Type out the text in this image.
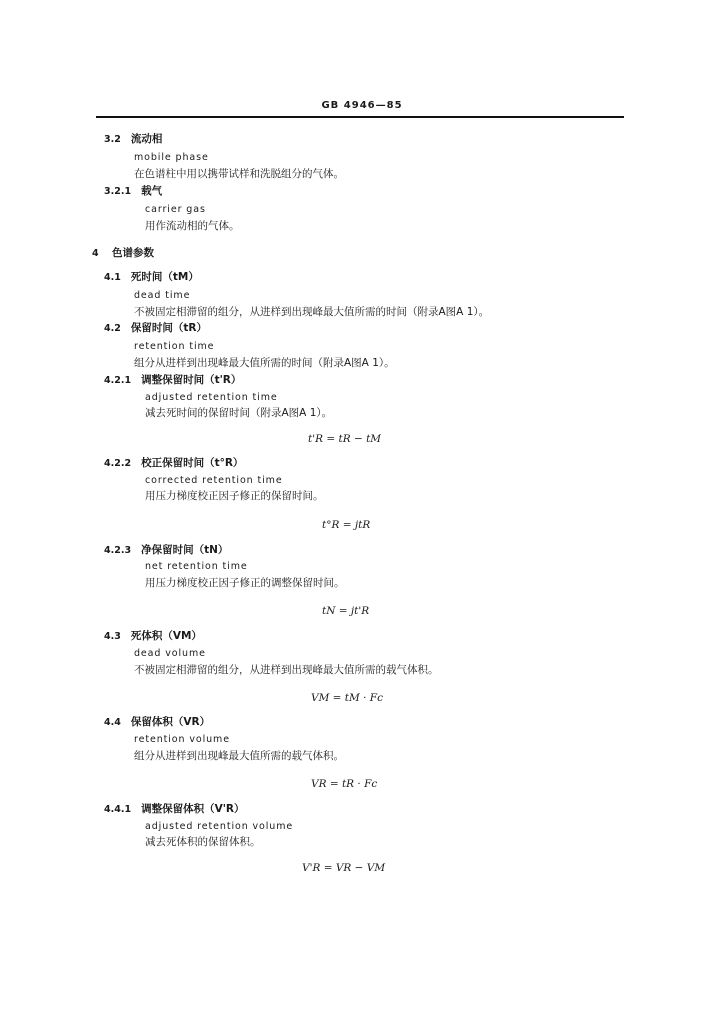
GB 4946—85
3.2 流动相
mobile phase
在色谱柱中用以携带试样和洗脱组分的气体。
3.2.1 载气
carrier gas
用作流动相的气体。
4 色谱参数
4.1 死时间（tM）
dead time
不被固定相滞留的组分，从进样到出现峰最大值所需的时间（附录A图A 1）。
4.2 保留时间（tR）
retention time
组分从进样到出现峰最大值所需的时间（附录A图A 1）。
4.2.1 调整保留时间（t'R）
adjusted retention time
减去死时间的保留时间（附录A图A 1）。
t'R = tR − tM
4.2.2 校正保留时间（t°R）
corrected retention time
用压力梯度校正因子修正的保留时间。
t°R = jtR
4.2.3 净保留时间（tN）
net retention time
用压力梯度校正因子修正的调整保留时间。
tN = jt'R
4.3 死体积（VM）
dead volume
不被固定相滞留的组分，从进样到出现峰最大值所需的载气体积。
VM = tM · Fc
4.4 保留体积（VR）
retention volume
组分从进样到出现峰最大值所需的载气体积。
VR = tR · Fc
4.4.1 调整保留体积（V'R）
adjusted retention volume
减去死体积的保留体积。
V'R = VR − VM
